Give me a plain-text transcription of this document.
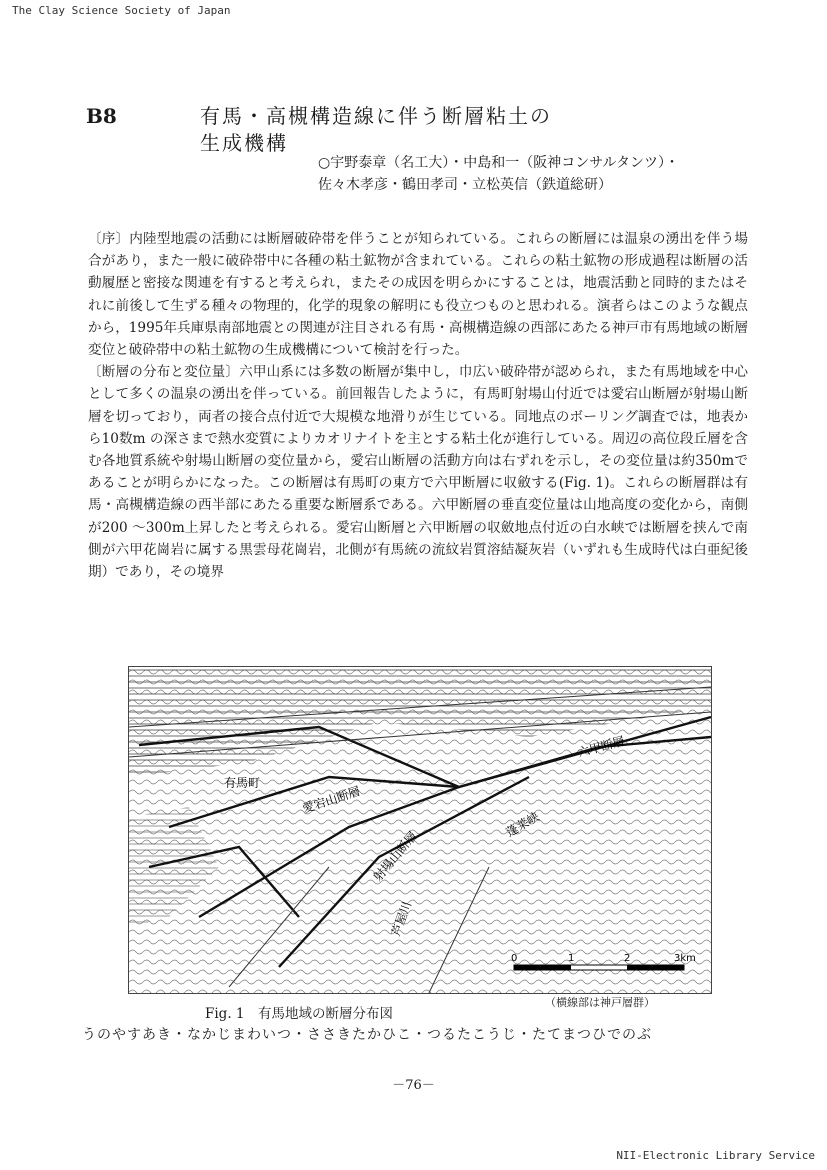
The Clay Science Society of Japan
B8	有馬・高槻構造線に伴う断層粘土の
生成機構
○宇野泰章（名工大）・中島和一（阪神コンサルタンツ）・
佐々木孝彦・鶴田孝司・立松英信（鉄道総研）

〔序〕内陸型地震の活動には断層破砕帯を伴うことが知られている。これらの断層には温泉の湧出を伴う場合があり，また一般に破砕帯中に各種の粘土鉱物が含まれている。これらの粘土鉱物の形成過程は断層の活動履歴と密接な関連を有すると考えられ，またその成因を明らかにすることは，地震活動と同時的またはそれに前後して生ずる種々の物理的，化学的現象の解明にも役立つものと思われる。演者らはこのような観点から，1995年兵庫県南部地震との関連が注目される有馬・高槻構造線の西部にあたる神戸市有馬地域の断層変位と破砕帯中の粘土鉱物の生成機構について検討を行った。

〔断層の分布と変位量〕六甲山系には多数の断層が集中し，巾広い破砕帯が認められ，また有馬地域を中心として多くの温泉の湧出を伴っている。前回報告したように，有馬町射場山付近では愛宕山断層が射場山断層を切っており，両者の接合点付近で大規模な地滑りが生じている。同地点のボーリング調査では，地表から10数m の深さまで熱水変質によりカオリナイトを主とする粘土化が進行している。周辺の高位段丘層を含む各地質系統や射場山断層の変位量から，愛宕山断層の活動方向は右ずれを示し，その変位量は約350mであることが明らかになった。この断層は有馬町の東方で六甲断層に収斂する(Fig. 1)。これらの断層群は有馬・高槻構造線の西半部にあたる重要な断層系である。六甲断層の垂直変位量は山地高度の変化から，南側が200 ～300m上昇したと考えられる。愛宕山断層と六甲断層の収斂地点付近の白水峡では断層を挟んで南側が六甲花崗岩に属する黒雲母花崗岩，北側が有馬統の流紋岩質溶結凝灰岩（いずれも生成時代は白亜紀後期）であり，その境界

愛宕山断層
射場山断層
六甲断層
有馬町
芦屋川
蓬莱峡
0	1	2	3km
（横線部は神戸層群）
Fig. 1　有馬地域の断層分布図
うのやすあき・なかじまわいつ・ささきたかひこ・つるたこうじ・たてまつひでのぶ
－76－
NII-Electronic Library Service
